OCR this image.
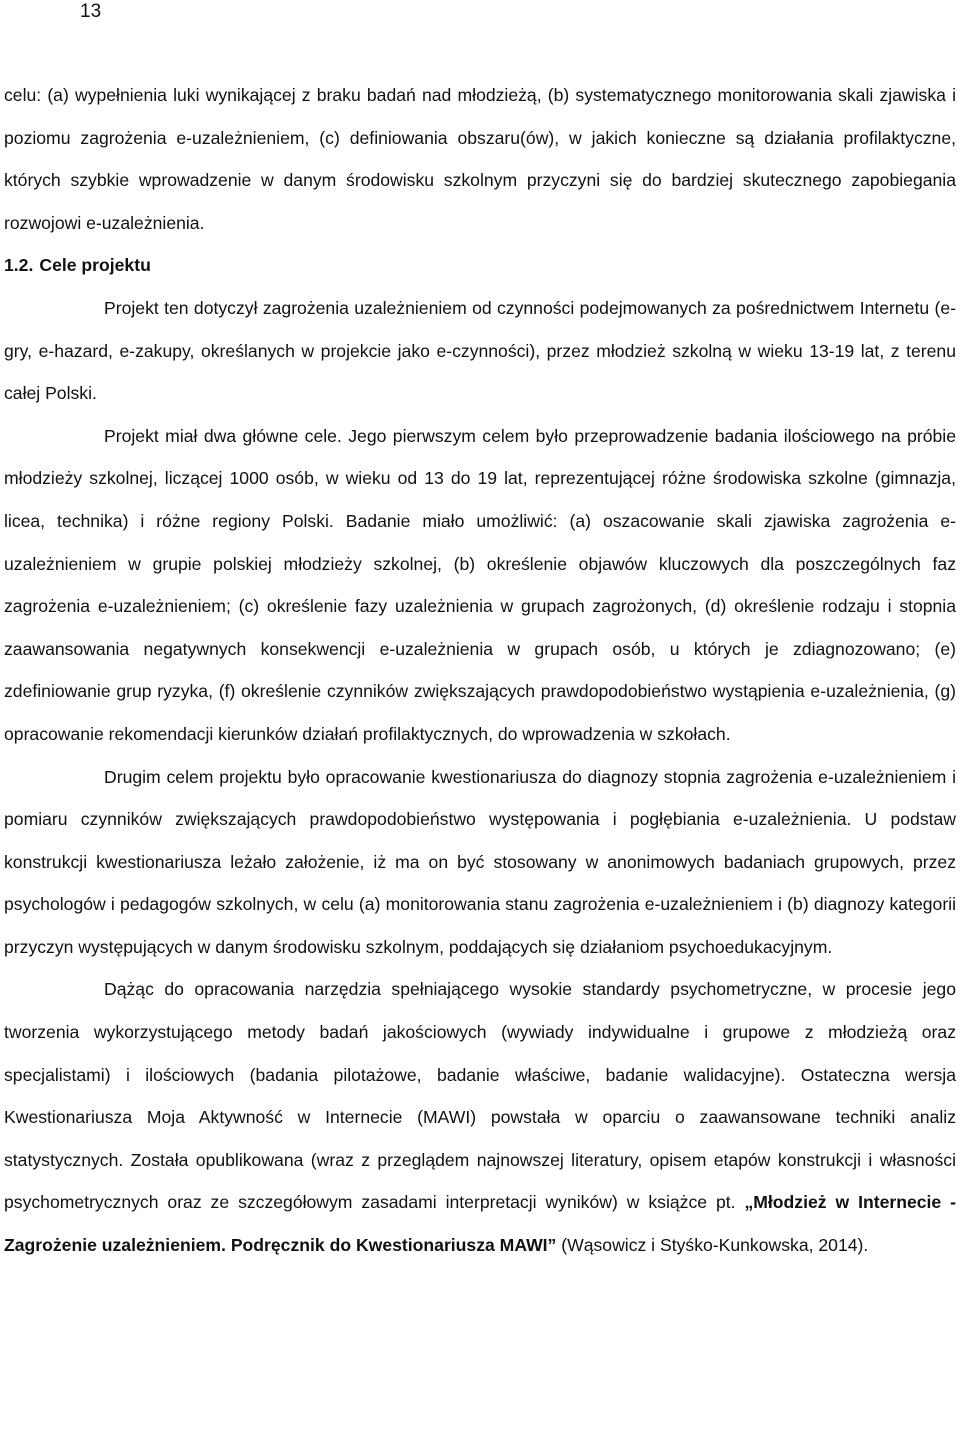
13

celu: (a) wypełnienia luki wynikającej z braku badań nad młodzieżą, (b) systematycznego monitorowania skali zjawiska i poziomu zagrożenia e-uzależnieniem, (c) definiowania obszaru(ów), w jakich konieczne są działania profilaktyczne, których szybkie wprowadzenie w danym środowisku szkolnym przyczyni się do bardziej skutecznego zapobiegania rozwojowi e-uzależnienia.

1.2. Cele projektu

Projekt ten dotyczył zagrożenia uzależnieniem od czynności podejmowanych za pośrednictwem Internetu (e-gry, e-hazard, e-zakupy, określanych w projekcie jako e-czynności), przez młodzież szkolną w wieku 13-19 lat, z terenu całej Polski.

Projekt miał dwa główne cele. Jego pierwszym celem było przeprowadzenie badania ilościowego na próbie młodzieży szkolnej, liczącej 1000 osób, w wieku od 13 do 19 lat, reprezentującej różne środowiska szkolne (gimnazja, licea, technika) i różne regiony Polski. Badanie miało umożliwić: (a) oszacowanie skali zjawiska zagrożenia e-uzależnieniem w grupie polskiej młodzieży szkolnej, (b) określenie objawów kluczowych dla poszczególnych faz zagrożenia e-uzależnieniem; (c) określenie fazy uzależnienia w grupach zagrożonych, (d) określenie rodzaju i stopnia zaawansowania negatywnych konsekwencji e-uzależnienia w grupach osób, u których je zdiagnozowano; (e) zdefiniowanie grup ryzyka, (f) określenie czynników zwiększających prawdopodobieństwo wystąpienia e-uzależnienia, (g) opracowanie rekomendacji kierunków działań profilaktycznych, do wprowadzenia w szkołach.

Drugim celem projektu było opracowanie kwestionariusza do diagnozy stopnia zagrożenia e-uzależnieniem i pomiaru czynników zwiększających prawdopodobieństwo występowania i pogłębiania e-uzależnienia. U podstaw konstrukcji kwestionariusza leżało założenie, iż ma on być stosowany w anonimowych badaniach grupowych, przez psychologów i pedagogów szkolnych, w celu (a) monitorowania stanu zagrożenia e-uzależnieniem i (b) diagnozy kategorii przyczyn występujących w danym środowisku szkolnym, poddających się działaniom psychoedukacyjnym.

Dążąc do opracowania narzędzia spełniającego wysokie standardy psychometryczne, w procesie jego tworzenia wykorzystującego metody badań jakościowych (wywiady indywidualne i grupowe z młodzieżą oraz specjalistami) i ilościowych (badania pilotażowe, badanie właściwe, badanie walidacyjne). Ostateczna wersja Kwestionariusza Moja Aktywność w Internecie (MAWI) powstała w oparciu o zaawansowane techniki analiz statystycznych. Została opublikowana (wraz z przeglądem najnowszej literatury, opisem etapów konstrukcji i własności psychometrycznych oraz ze szczegółowym zasadami interpretacji wyników) w książce pt. „Młodzież w Internecie - Zagrożenie uzależnieniem. Podręcznik do Kwestionariusza MAWI” (Wąsowicz i Styśko-Kunkowska, 2014).
